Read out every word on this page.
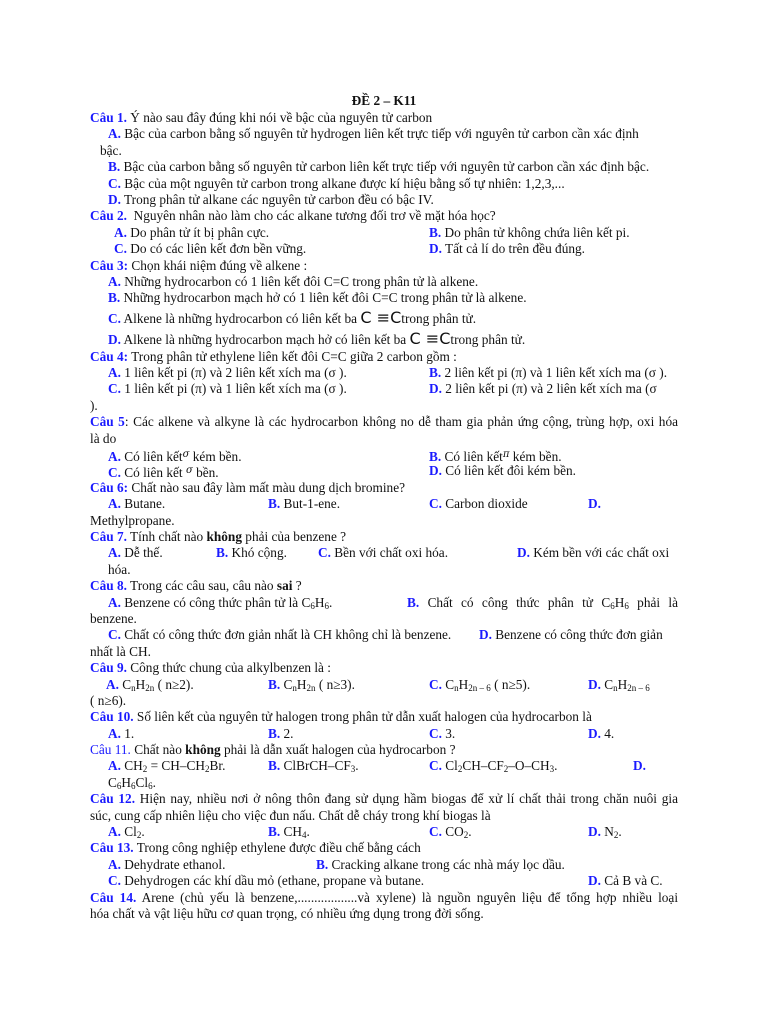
ĐỀ 2 – K11
Câu 1. Ý nào sau đây đúng khi nói về bậc của nguyên tử carbon
A. Bậc của carbon bằng số nguyên tử hydrogen liên kết trực tiếp với nguyên tử carbon cần xác định
bậc.
B. Bậc của carbon bằng số nguyên tử carbon liên kết trực tiếp với nguyên tử carbon cần xác định bậc.
C. Bậc của một nguyên tử carbon trong alkane được kí hiệu bằng số tự nhiên: 1,2,3,...
D. Trong phân tử alkane các nguyên tử carbon đều có bậc IV.
Câu 2. Nguyên nhân nào làm cho các alkane tương đối trơ về mặt hóa học?
A. Do phân tử ít bị phân cực.	B. Do phân tử không chứa liên kết pi.
C. Do có các liên kết đơn bền vững.	D. Tất cả lí do trên đều đúng.
Câu 3: Chọn khái niệm đúng về alkene :
A. Những hydrocarbon có 1 liên kết đôi C=C trong phân tử là alkene.
B. Những hydrocarbon mạch hở có 1 liên kết đôi C=C trong phân tử là alkene.
C. Alkene là những hydrocarbon có liên kết ba C ≡Ctrong phân tử.
D. Alkene là những hydrocarbon mạch hở có liên kết ba C ≡Ctrong phân tử.
Câu 4: Trong phân tử ethylene liên kết đôi C=C giữa 2 carbon gồm :
A. 1 liên kết pi (π) và 2 liên kết xích ma (σ ).	B. 2 liên kết pi (π) và 1 liên kết xích ma (σ ).
C. 1 liên kết pi (π) và 1 liên kết xích ma (σ ).	D. 2 liên kết pi (π) và 2 liên kết xích ma (σ
).
Câu 5: Các alkene và alkyne là các hydrocarbon không no dễ tham gia phản ứng cộng, trùng hợp, oxi hóa
là do
A. Có liên kết$^\sigma$ kém bền.	B. Có liên kết$^\pi$ kém bền.
C. Có liên kết $^\sigma$ bền.	D. Có liên kết đôi kém bền.
Câu 6: Chất nào sau đây làm mất màu dung dịch bromine?
A. Butane.	B. But-1-ene.	C. Carbon dioxide	D.
Methylpropane.
Câu 7. Tính chất nào không phải của benzene ?
A. Dễ thế.	B. Khó cộng. C. Bền với chất oxi hóa.	D. Kém bền với các chất oxi
hóa.
Câu 8. Trong các câu sau, câu nào sai ?
A. Benzene có công thức phân tử là $C_6H_6$.	B. Chất có công thức phân tử $C_6H_6$ phải là
benzene.
C. Chất có công thức đơn giản nhất là CH không chỉ là benzene. D. Benzene có công thức đơn giản
nhất là CH.
Câu 9. Công thức chung của alkylbenzen là :
A. $C_nH_{2n}$ ( n≥2).	B. $C_nH_{2n}$ ( n≥3).	C. $C_nH_{2n - 6}$ ( n≥5).	D. $C_nH_{2n - 6}$
( n≥6).
Câu 10. Số liên kết của nguyên tử halogen trong phân tử dẫn xuất halogen của hydrocarbon là
A. 1.	B. 2.	C. 3.	D. 4.
Câu 11. Chất nào không phải là dẫn xuất halogen của hydrocarbon ?
A. $CH_2 = CH-CH_2Br$.	B. ClBrCH–$CF_3$.	C. $Cl_2CH-CF_2-O-CH_3$.	D.
$C_6H_6Cl_6$.
Câu 12. Hiện nay, nhiều nơi ở nông thôn đang sử dụng hầm biogas để xử lí chất thải trong chăn nuôi gia
súc, cung cấp nhiên liệu cho việc đun nấu. Chất dễ cháy trong khí biogas là
A. $Cl_2$.	B. $CH_4$.	C. $CO_2$.	D. $N_2$.
Câu 13. Trong công nghiệp ethylene được điều chế bằng cách
A. Dehydrate ethanol.	B. Cracking alkane trong các nhà máy lọc dầu.
C. Dehydrogen các khí dầu mỏ (ethane, propane và butane.	D. Cả B và C.
Câu 14. Arene (chủ yếu là benzene,..................và xylene) là nguồn nguyên liệu để tổng hợp nhiều loại
hóa chất và vật liệu hữu cơ quan trọng, có nhiều ứng dụng trong đời sống.
